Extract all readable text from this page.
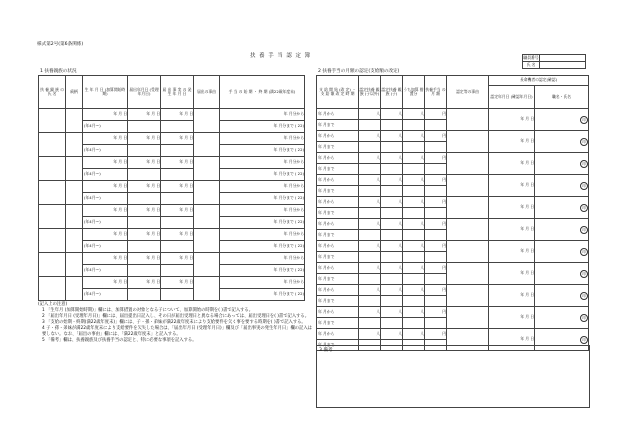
様式第2号(第6条関係)
扶 養 手 当 認 定 簿	職員番号	
氏 名	
1 扶養親族の状況
扶 養 親 族 の 氏 名	続柄	生 年 月 日 (加算開始時期)	届出年月日 (受理年月日)	届 出 事 実 の 発 生 年 月 日	届出の事由	手 当 の 始 期 ・ 終 期 (満22歳年度末)
		年 月 日	年 月 日	年 月 日		年 月分から
		(年4月～)				年 月分まで ( 22)
		年 月 日	年 月 日	年 月 日		年 月分から
		(年4月～)				年 月分まで ( 22)
		年 月 日	年 月 日	年 月 日		年 月分から
		(年4月～)				年 月分まで ( 22)
		年 月 日	年 月 日	年 月 日		年 月分から
		(年4月～)				年 月分まで ( 22)
		年 月 日	年 月 日	年 月 日		年 月分から
		(年4月～)				年 月分まで ( 22)
		年 月 日	年 月 日	年 月 日		年 月分から
		(年4月～)				年 月分まで ( 22)
		年 月 日	年 月 日	年 月 日		年 月分から
		(年4月～)				年 月分まで ( 22)
		年 月 日	年 月 日	年 月 日		年 月分から
		(年4月～)				年 月分まで ( 22)
(記入上の注意)
1 「生年月 (加算開始時期)」欄には、加算措置の対象となる子について、加算開始の時期を( )書で記入する。
2 「届出年月日 (受理年月日)」欄には、届出提出日記入し、その日が届出受理日と異なる場合にあっては、届出受理日を( )書で記入する。
3 「支給の始期・終期(満22歳年度末)」欄には、子・孫・弟妹が満22歳年度末により支給要件を欠く事を要する時期を( )書で記入する。
4 子・孫・弟妹が満22歳年度末により支給要件を欠失した場合は、「届出年月日 (受理年月日)」欄及び「届出事実の発生年月日」欄の記入は要しない。なお、「届出の事由」欄には、「満22歳年度末」と記入する。
5 「備考」欄は、扶養親族及び扶養手当の認定と、特に必要な事項を記入する。
2 扶養手当の月額の認定(支給額の改定)
支 給 開 始 (改 定) ・ 支 給 額 改 定 時 期	認定扶養 親 族 (子以外)	認定扶養 親 族 (子)	うち加算 措置分	扶養手当 の 月 額	認定等の事由	長命機者の認定(確認)	
						認定年月日 (確認年月日)	職名・氏名
年 月から	人	人	人	円		年 月 日	印
年 月まで							
年 月から	人	人	人	円		年 月 日	印
年 月まで							
年 月から	人	人	人	円		年 月 日	印
年 月まで							
年 月から	人	人	人	円		年 月 日	印
年 月まで							
年 月から	人	人	人	円		年 月 日	印
年 月まで							
年 月から	人	人	人	円		年 月 日	印
年 月まで							
年 月から	人	人	人	円		年 月 日	印
年 月まで							
年 月から	人	人	人	円		年 月 日	印
年 月まで							
年 月から	人	人	人	円		年 月 日	印
年 月まで							
年 月から	人	人	人	円		年 月 日	印
年 月まで							
年 月から	人	人	人	円		年 月 日	印
年 月まで							
3 備考
